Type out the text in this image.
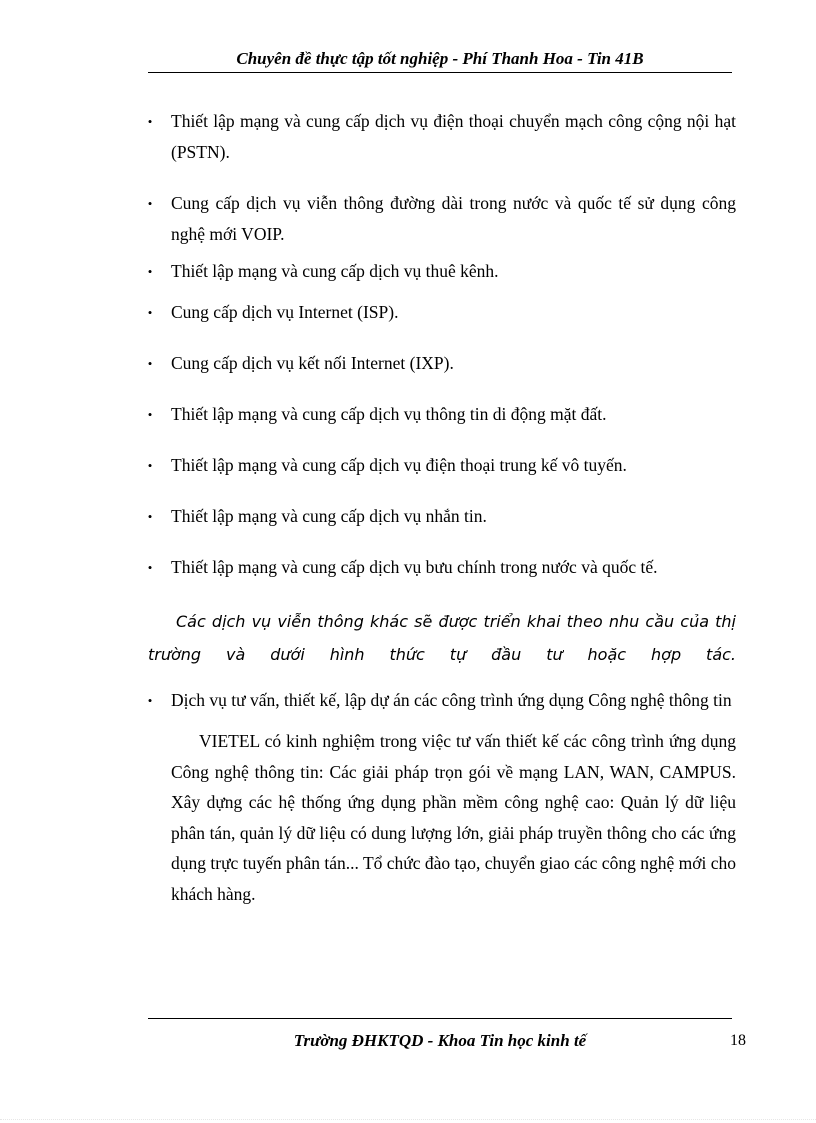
Chuyên đề thực tập tốt nghiệp - Phí Thanh Hoa - Tin 41B
• Thiết lập mạng và cung cấp dịch vụ điện thoại chuyển mạch công cộng nội hạt (PSTN).
• Cung cấp dịch vụ viễn thông đường dài trong nước và quốc tế sử dụng công nghệ mới VOIP.
• Thiết lập mạng và cung cấp dịch vụ thuê kênh.
• Cung cấp dịch vụ Internet (ISP).
• Cung cấp dịch vụ kết nối Internet (IXP).
• Thiết lập mạng và cung cấp dịch vụ thông tin di động mặt đất.
• Thiết lập mạng và cung cấp dịch vụ điện thoại trung kế vô tuyến.
• Thiết lập mạng và cung cấp dịch vụ nhắn tin.
• Thiết lập mạng và cung cấp dịch vụ bưu chính trong nước và quốc tế.

Các dịch vụ viễn thông khác sẽ được triển khai theo nhu cầu của thị
trường và dưới hình thức tự đầu tư hoặc hợp tác.

• Dịch vụ tư vấn, thiết kế, lập dự án các công trình ứng dụng Công nghệ thông tin

VIETEL có kinh nghiệm trong việc tư vấn thiết kế các công trình ứng dụng Công nghệ thông tin: Các giải pháp trọn gói về mạng LAN, WAN, CAMPUS. Xây dựng các hệ thống ứng dụng phần mềm công nghệ cao: Quản lý dữ liệu phân tán, quản lý dữ liệu có dung lượng lớn, giải pháp truyền thông cho các ứng dụng trực tuyến phân tán... Tổ chức đào tạo, chuyển giao các công nghệ mới cho khách hàng.

Trường ĐHKTQD - Khoa Tin học kinh tế	18
